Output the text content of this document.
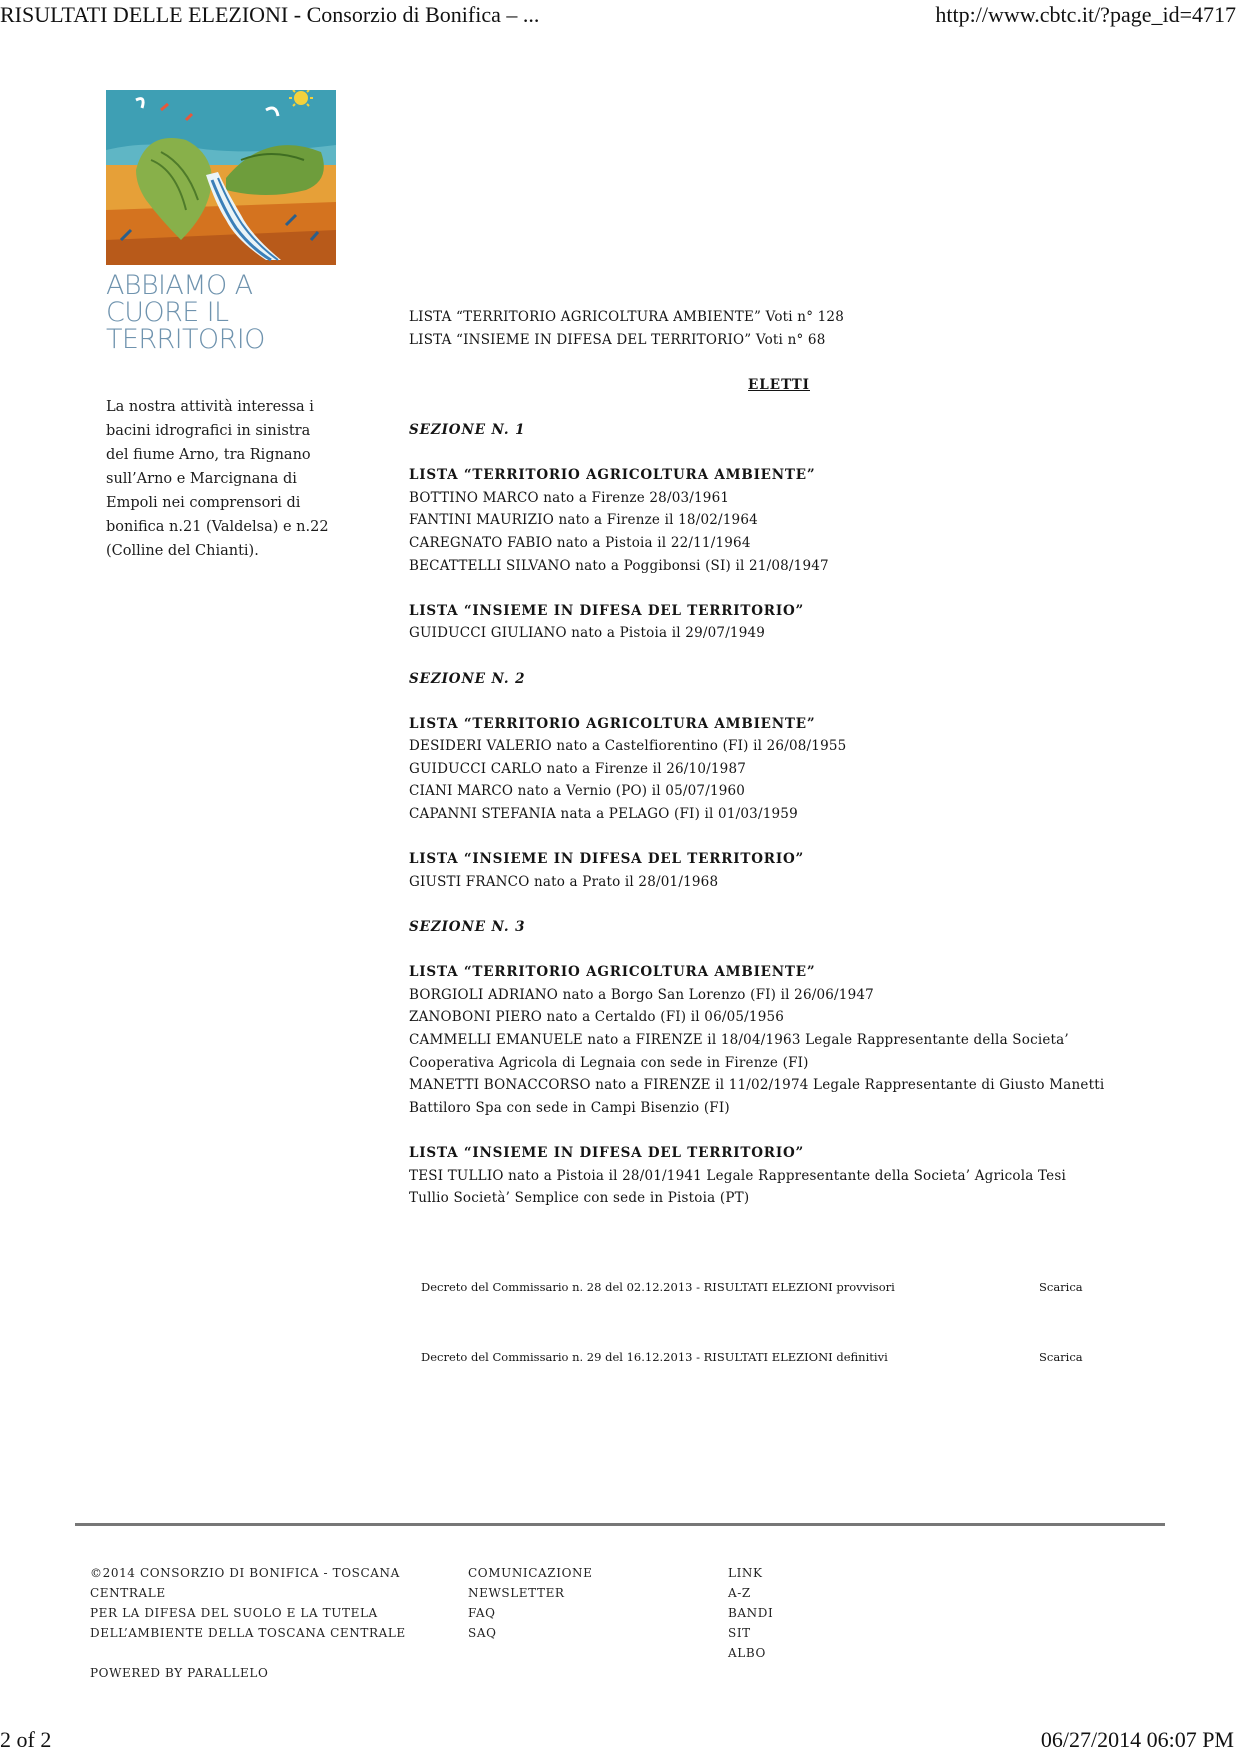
RISULTATI DELLE ELEZIONI - Consorzio di Bonifica – ...	http://www.cbtc.it/?page_id=4717
ABBIAMO A
CUORE IL
TERRITORIO
La nostra attività interessa i bacini idrografici in sinistra del fiume Arno, tra Rignano sull’Arno e Marcignana di Empoli nei comprensori di bonifica n.21 (Valdelsa) e n.22 (Colline del Chianti).
LISTA “TERRITORIO AGRICOLTURA AMBIENTE” Voti n° 128
LISTA “INSIEME IN DIFESA DEL TERRITORIO” Voti n° 68
ELETTI
SEZIONE N. 1
LISTA “TERRITORIO AGRICOLTURA AMBIENTE”
BOTTINO MARCO nato a Firenze 28/03/1961
FANTINI MAURIZIO nato a Firenze il 18/02/1964
CAREGNATO FABIO nato a Pistoia il 22/11/1964
BECATTELLI SILVANO nato a Poggibonsi (SI) il 21/08/1947
LISTA “INSIEME IN DIFESA DEL TERRITORIO”
GUIDUCCI GIULIANO nato a Pistoia il 29/07/1949
SEZIONE N. 2
LISTA “TERRITORIO AGRICOLTURA AMBIENTE”
DESIDERI VALERIO nato a Castelfiorentino (FI) il 26/08/1955
GUIDUCCI CARLO nato a Firenze il 26/10/1987
CIANI MARCO nato a Vernio (PO) il 05/07/1960
CAPANNI STEFANIA nata a PELAGO (FI) il 01/03/1959
LISTA “INSIEME IN DIFESA DEL TERRITORIO”
GIUSTI FRANCO nato a Prato il 28/01/1968
SEZIONE N. 3
LISTA “TERRITORIO AGRICOLTURA AMBIENTE”
BORGIOLI ADRIANO nato a Borgo San Lorenzo (FI) il 26/06/1947
ZANOBONI PIERO nato a Certaldo (FI) il 06/05/1956
CAMMELLI EMANUELE nato a FIRENZE il 18/04/1963 Legale Rappresentante della Societa’
Cooperativa Agricola di Legnaia con sede in Firenze (FI)
MANETTI BONACCORSO nato a FIRENZE il 11/02/1974 Legale Rappresentante di Giusto Manetti
Battiloro Spa con sede in Campi Bisenzio (FI)
LISTA “INSIEME IN DIFESA DEL TERRITORIO”
TESI TULLIO nato a Pistoia il 28/01/1941 Legale Rappresentante della Societa’ Agricola Tesi
Tullio Società’ Semplice con sede in Pistoia (PT)
Decreto del Commissario n. 28 del 02.12.2013 - RISULTATI ELEZIONI provvisori	Scarica
Decreto del Commissario n. 29 del 16.12.2013 - RISULTATI ELEZIONI definitivi	Scarica
©2014 CONSORZIO DI BONIFICA - TOSCANA
CENTRALE
PER LA DIFESA DEL SUOLO E LA TUTELA
DELL’AMBIENTE DELLA TOSCANA CENTRALE
POWERED BY PARALLELO
COMUNICAZIONE
NEWSLETTER
FAQ
SAQ
LINK
A-Z
BANDI
SIT
ALBO
2 of 2	06/27/2014 06:07 PM
